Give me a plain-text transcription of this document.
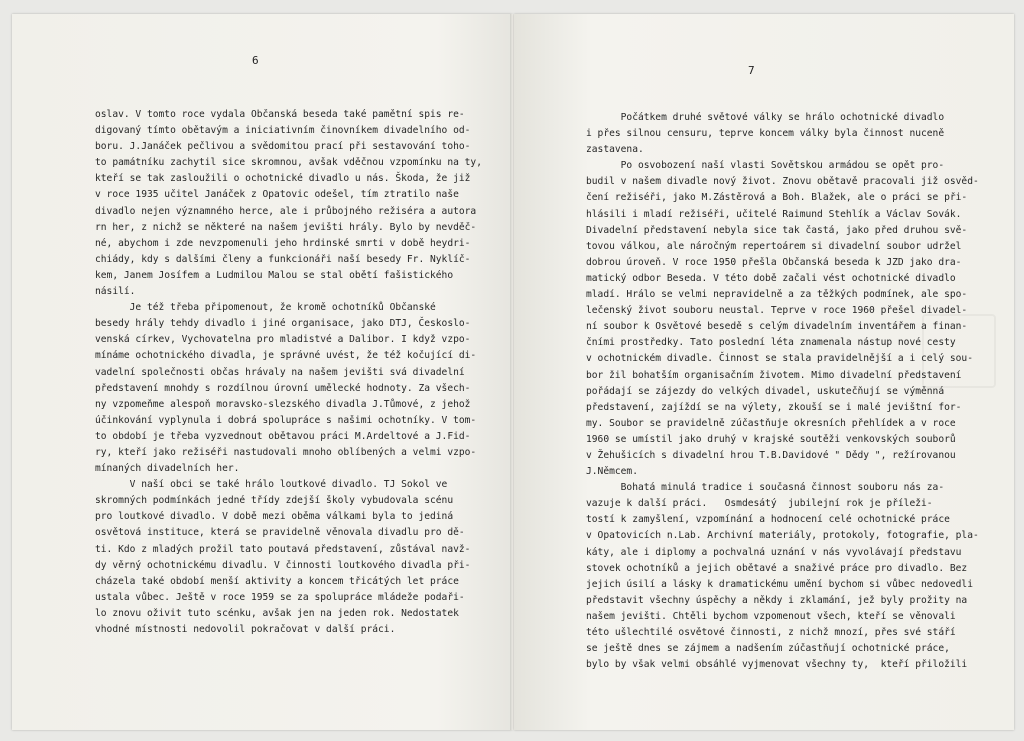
6
oslav. V tomto roce vydala Občanská beseda také pamětní spis re-
digovaný tímto obětavým a iniciativním činovníkem divadelního od-
boru. J.Janáček pečlivou a svědomitou prací při sestavování toho-
to památníku zachytil sice skromnou, avšak vděčnou vzpomínku na ty,
kteří se tak zasloužili o ochotnické divadlo u nás. Škoda, že již
v roce 1935 učitel Janáček z Opatovic odešel, tím ztratilo naše
divadlo nejen významného herce, ale i průbojného režiséra a autora
rn her, z nichž se některé na našem jevišti hrály. Bylo by nevděč-
né, abychom i zde nevzpomenuli jeho hrdinské smrti v době heydri-
chiády, kdy s dalšími členy a funkcionáři naší besedy Fr. Nyklíč-
kem, Janem Josífem a Ludmilou Malou se stal obětí fašistického
násilí.
Je též třeba připomenout, že kromě ochotníků Občanské
besedy hrály tehdy divadlo i jiné organisace, jako DTJ, Českoslo-
venská církev, Vychovatelna pro mladistvé a Dalibor. I když vzpo-
mínáme ochotnického divadla, je správné uvést, že též kočující di-
vadelní společnosti občas hrávaly na našem jevišti svá divadelní
představení mnohdy s rozdílnou úrovní umělecké hodnoty. Za všech-
ny vzpomeňme alespoň moravsko-slezského divadla J.Tůmové, z jehož
účinkování vyplynula i dobrá spolupráce s našimi ochotníky. V tom-
to období je třeba vyzvednout obětavou práci M.Ardeltové a J.Fid-
ry, kteří jako režiséři nastudovali mnoho oblíbených a velmi vzpo-
mínaných divadelních her.
V naší obci se také hrálo loutkové divadlo. TJ Sokol ve
skromných podmínkách jedné třídy zdejší školy vybudovala scénu
pro loutkové divadlo. V době mezi oběma válkami byla to jediná
osvětová instituce, která se pravidelně věnovala divadlu pro dě-
ti. Kdo z mladých prožil tato poutavá představení, zůstával navž-
dy věrný ochotnickému divadlu. V činnosti loutkového divadla při-
cházela také období menší aktivity a koncem třicátých let práce
ustala vůbec. Ještě v roce 1959 se za spolupráce mládeže podaři-
lo znovu oživit tuto scénku, avšak jen na jeden rok. Nedostatek
vhodné místnosti nedovolil pokračovat v další práci.
7
Počátkem druhé světové války se hrálo ochotnické divadlo
i přes silnou censuru, teprve koncem války byla činnost nuceně
zastavena.
Po osvobození naší vlasti Sovětskou armádou se opět pro-
budil v našem divadle nový život. Znovu obětavě pracovali již osvěd-
čení režiséři, jako M.Zástěrová a Boh. Blažek, ale o práci se při-
hlásili i mladí režiséři, učitelé Raimund Stehlík a Václav Sovák.
Divadelní představení nebyla sice tak častá, jako před druhou svě-
tovou válkou, ale náročným repertoárem si divadelní soubor udržel
dobrou úroveň. V roce 1950 přešla Občanská beseda k JZD jako dra-
matický odbor Beseda. V této době začali vést ochotnické divadlo
mladí. Hrálo se velmi nepravidelně a za těžkých podmínek, ale spo-
lečenský život souboru neustal. Teprve v roce 1960 přešel divadel-
ní soubor k Osvětové besedě s celým divadelním inventářem a finan-
čními prostředky. Tato poslední léta znamenala nástup nové cesty
v ochotnickém divadle. Činnost se stala pravidelnější a i celý sou-
bor žil bohatším organisačním životem. Mimo divadelní představení
pořádají se zájezdy do velkých divadel, uskutečňují se výměnná
představení, zajíždí se na výlety, zkouší se i malé jevištní for-
my. Soubor se pravidelně zúčastňuje okresních přehlídek a v roce
1960 se umístil jako druhý v krajské soutěži venkovských souborů
v Žehušicích s divadelní hrou T.B.Davidové " Dědy ", režírovanou
J.Němcem.
Bohatá minulá tradice i současná činnost souboru nás za-
vazuje k další práci.   Osmdesátý  jubilejní rok je příleži-
tostí k zamyšlení, vzpomínání a hodnocení celé ochotnické práce
v Opatovicích n.Lab. Archivní materiály, protokoly, fotografie, pla-
káty, ale i diplomy a pochvalná uznání v nás vyvolávají představu
stovek ochotníků a jejich obětavé a snaživé práce pro divadlo. Bez
jejich úsilí a lásky k dramatickému umění bychom si vůbec nedovedli
představit všechny úspěchy a někdy i zklamání, jež byly prožity na
našem jevišti. Chtěli bychom vzpomenout všech, kteří se věnovali
této ušlechtilé osvětové činnosti, z nichž mnozí, přes své stáří
se ještě dnes se zájmem a nadšením zúčastňují ochotnické práce,
bylo by však velmi obsáhlé vyjmenovat všechny ty,  kteří přiložili
